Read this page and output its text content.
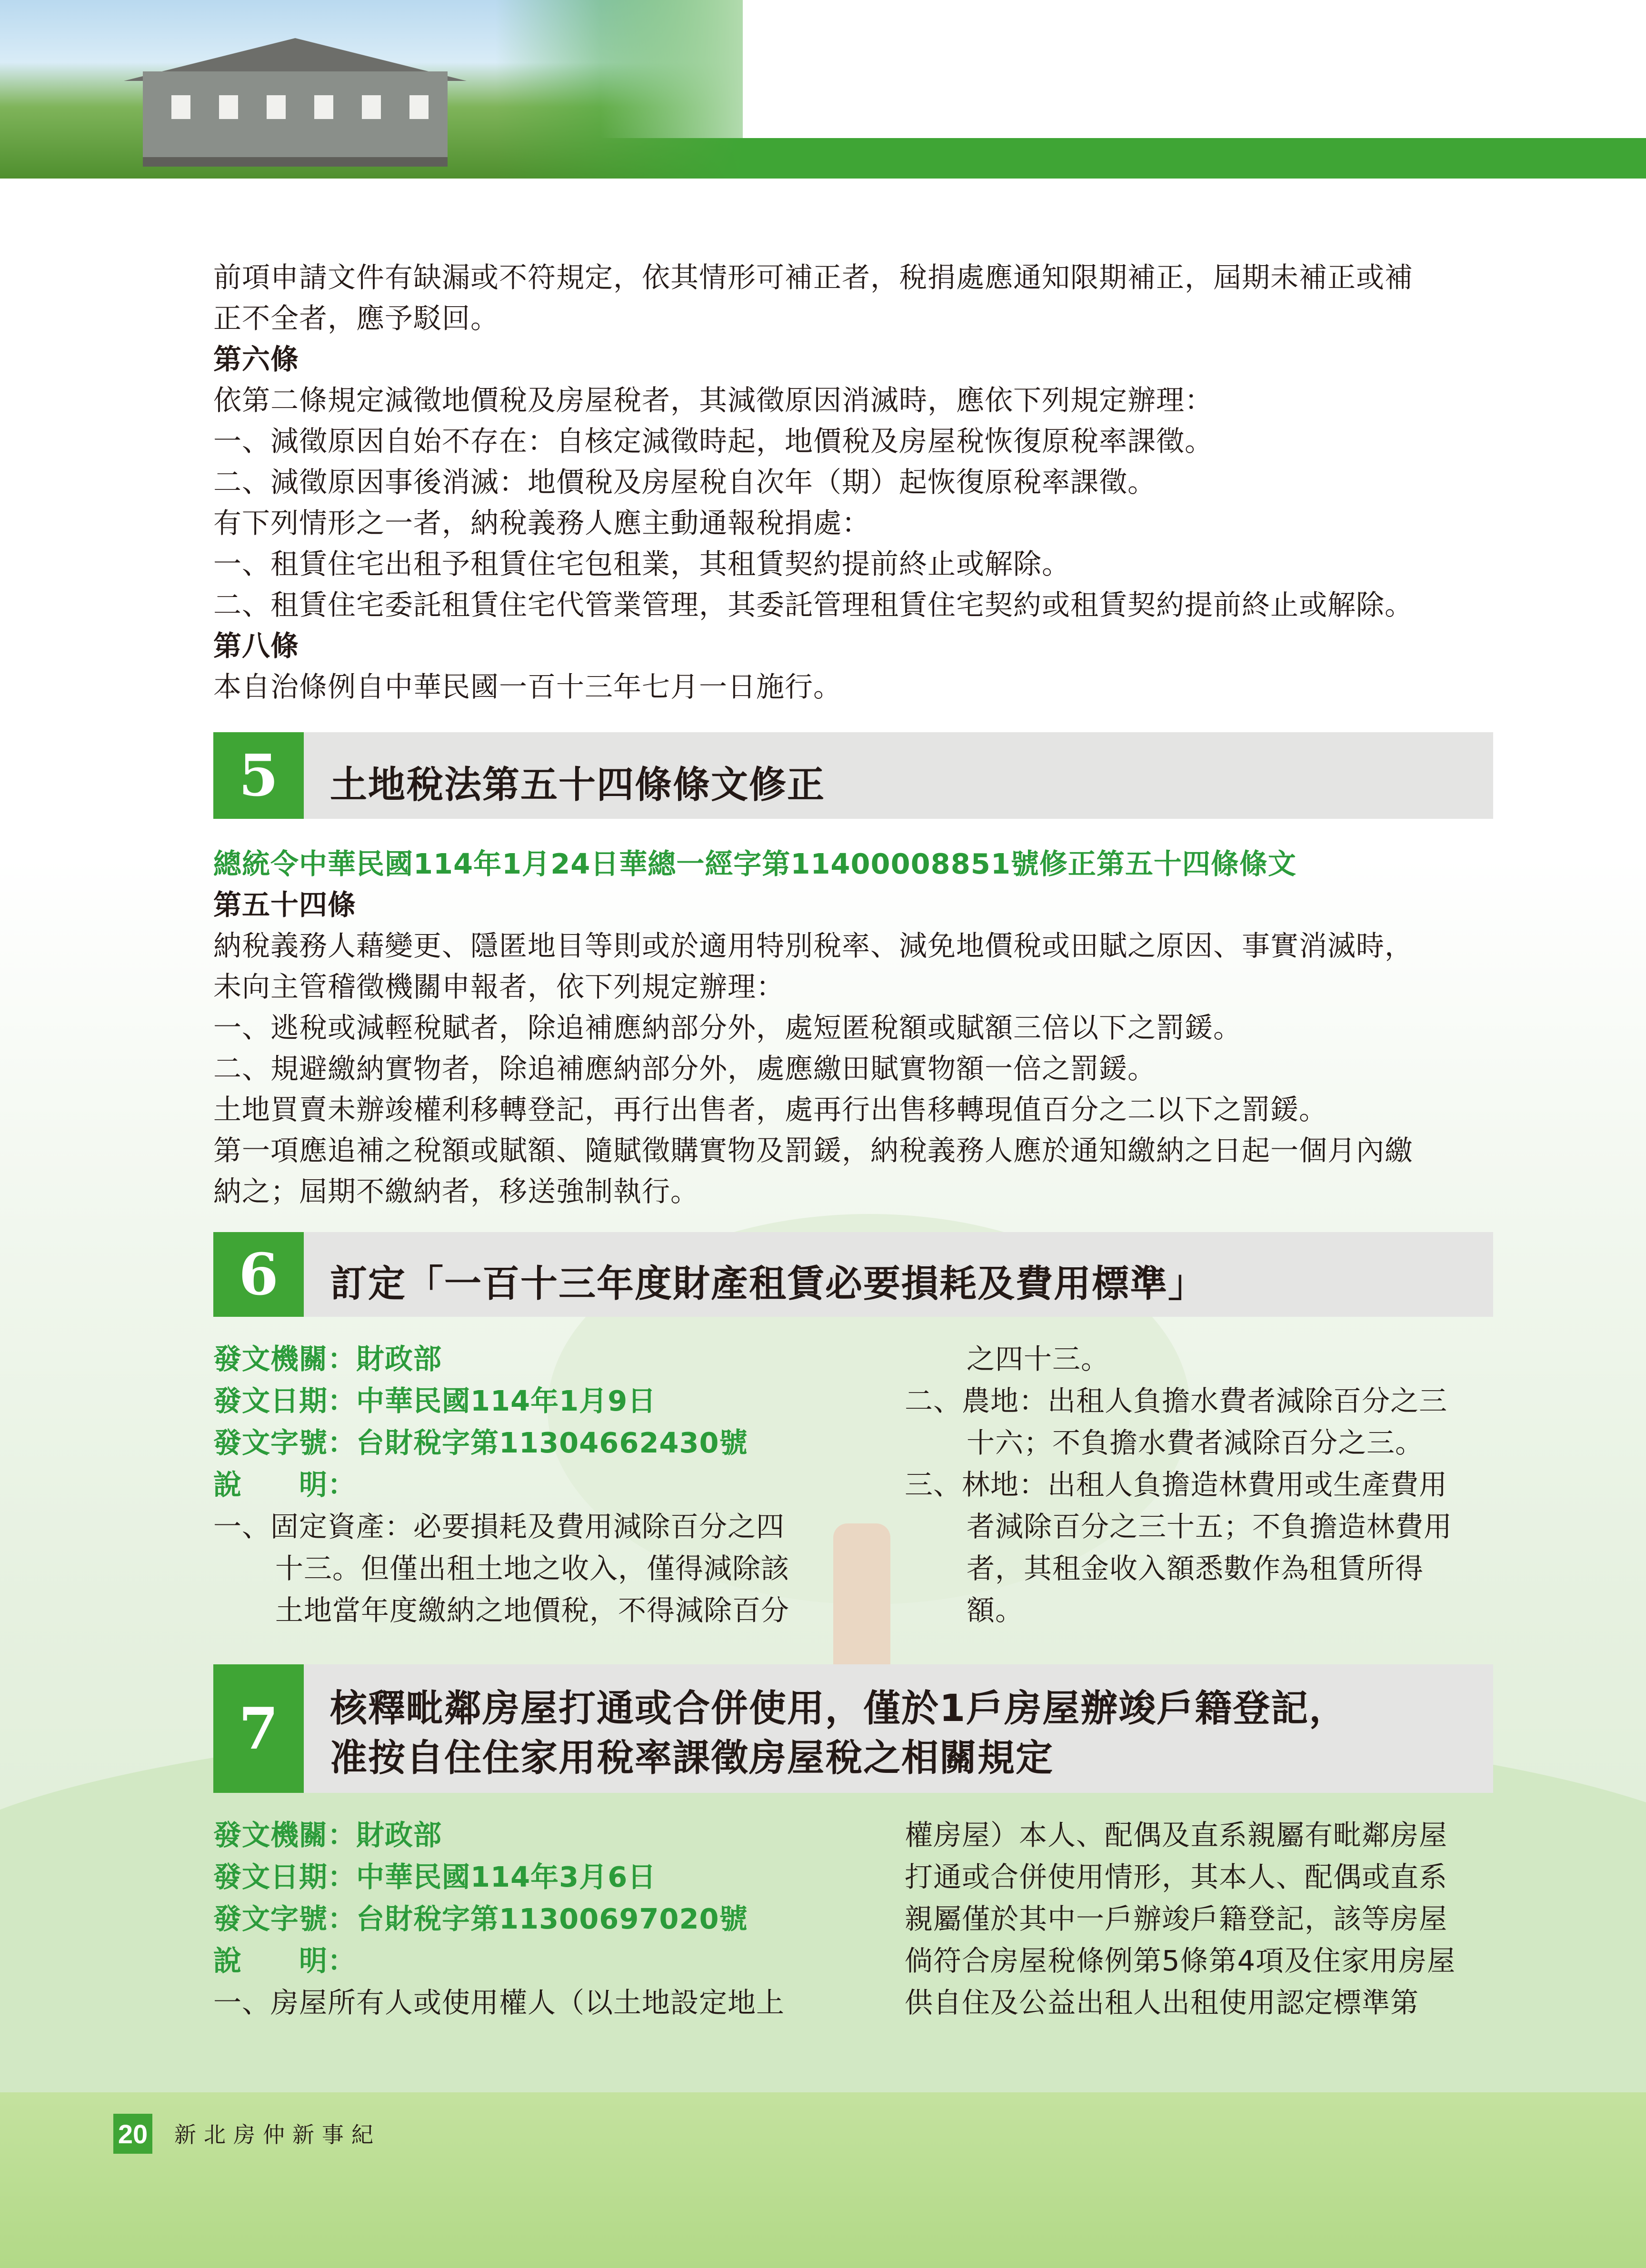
前項申請文件有缺漏或不符規定，依其情形可補正者，稅捐處應通知限期補正，屆期未補正或補

正不全者，應予駁回。

第六條

依第二條規定減徵地價稅及房屋稅者，其減徵原因消滅時，應依下列規定辦理：

一、減徵原因自始不存在：自核定減徵時起，地價稅及房屋稅恢復原稅率課徵。

二、減徵原因事後消滅：地價稅及房屋稅自次年（期）起恢復原稅率課徵。

有下列情形之一者，納稅義務人應主動通報稅捐處：

一、租賃住宅出租予租賃住宅包租業，其租賃契約提前終止或解除。

二、租賃住宅委託租賃住宅代管業管理，其委託管理租賃住宅契約或租賃契約提前終止或解除。

第八條

本自治條例自中華民國一百十三年七月一日施行。

5	土地稅法第五十四條條文修正

總統令中華民國114年1月24日華總一經字第11400008851號修正第五十四條條文

第五十四條

納稅義務人藉變更、隱匿地目等則或於適用特別稅率、減免地價稅或田賦之原因、事實消滅時，

未向主管稽徵機關申報者，依下列規定辦理：

一、逃稅或減輕稅賦者，除追補應納部分外，處短匿稅額或賦額三倍以下之罰鍰。

二、規避繳納實物者，除追補應納部分外，處應繳田賦實物額一倍之罰鍰。

土地買賣未辦竣權利移轉登記，再行出售者，處再行出售移轉現值百分之二以下之罰鍰。

第一項應追補之稅額或賦額、隨賦徵購實物及罰鍰，納稅義務人應於通知繳納之日起一個月內繳

納之；屆期不繳納者，移送強制執行。

6	訂定「一百十三年度財產租賃必要損耗及費用標準」

發文機關：財政部

發文日期：中華民國114年1月9日

發文字號：台財稅字第11304662430號

說　　明：

一、固定資產：必要損耗及費用減除百分之四

十三。但僅出租土地之收入，僅得減除該

土地當年度繳納之地價稅，不得減除百分

之四十三。

二、農地：出租人負擔水費者減除百分之三

十六；不負擔水費者減除百分之三。

三、林地：出租人負擔造林費用或生產費用

者減除百分之三十五；不負擔造林費用

者，其租金收入額悉數作為租賃所得

額。

7	核釋毗鄰房屋打通或合併使用，僅於1戶房屋辦竣戶籍登記，

准按自住住家用稅率課徵房屋稅之相關規定

發文機關：財政部

發文日期：中華民國114年3月6日

發文字號：台財稅字第11300697020號

說　　明：

一、房屋所有人或使用權人（以土地設定地上

權房屋）本人、配偶及直系親屬有毗鄰房屋

打通或合併使用情形，其本人、配偶或直系

親屬僅於其中一戶辦竣戶籍登記，該等房屋

倘符合房屋稅條例第5條第4項及住家用房屋

供自住及公益出租人出租使用認定標準第

20 新北房仲新事紀
